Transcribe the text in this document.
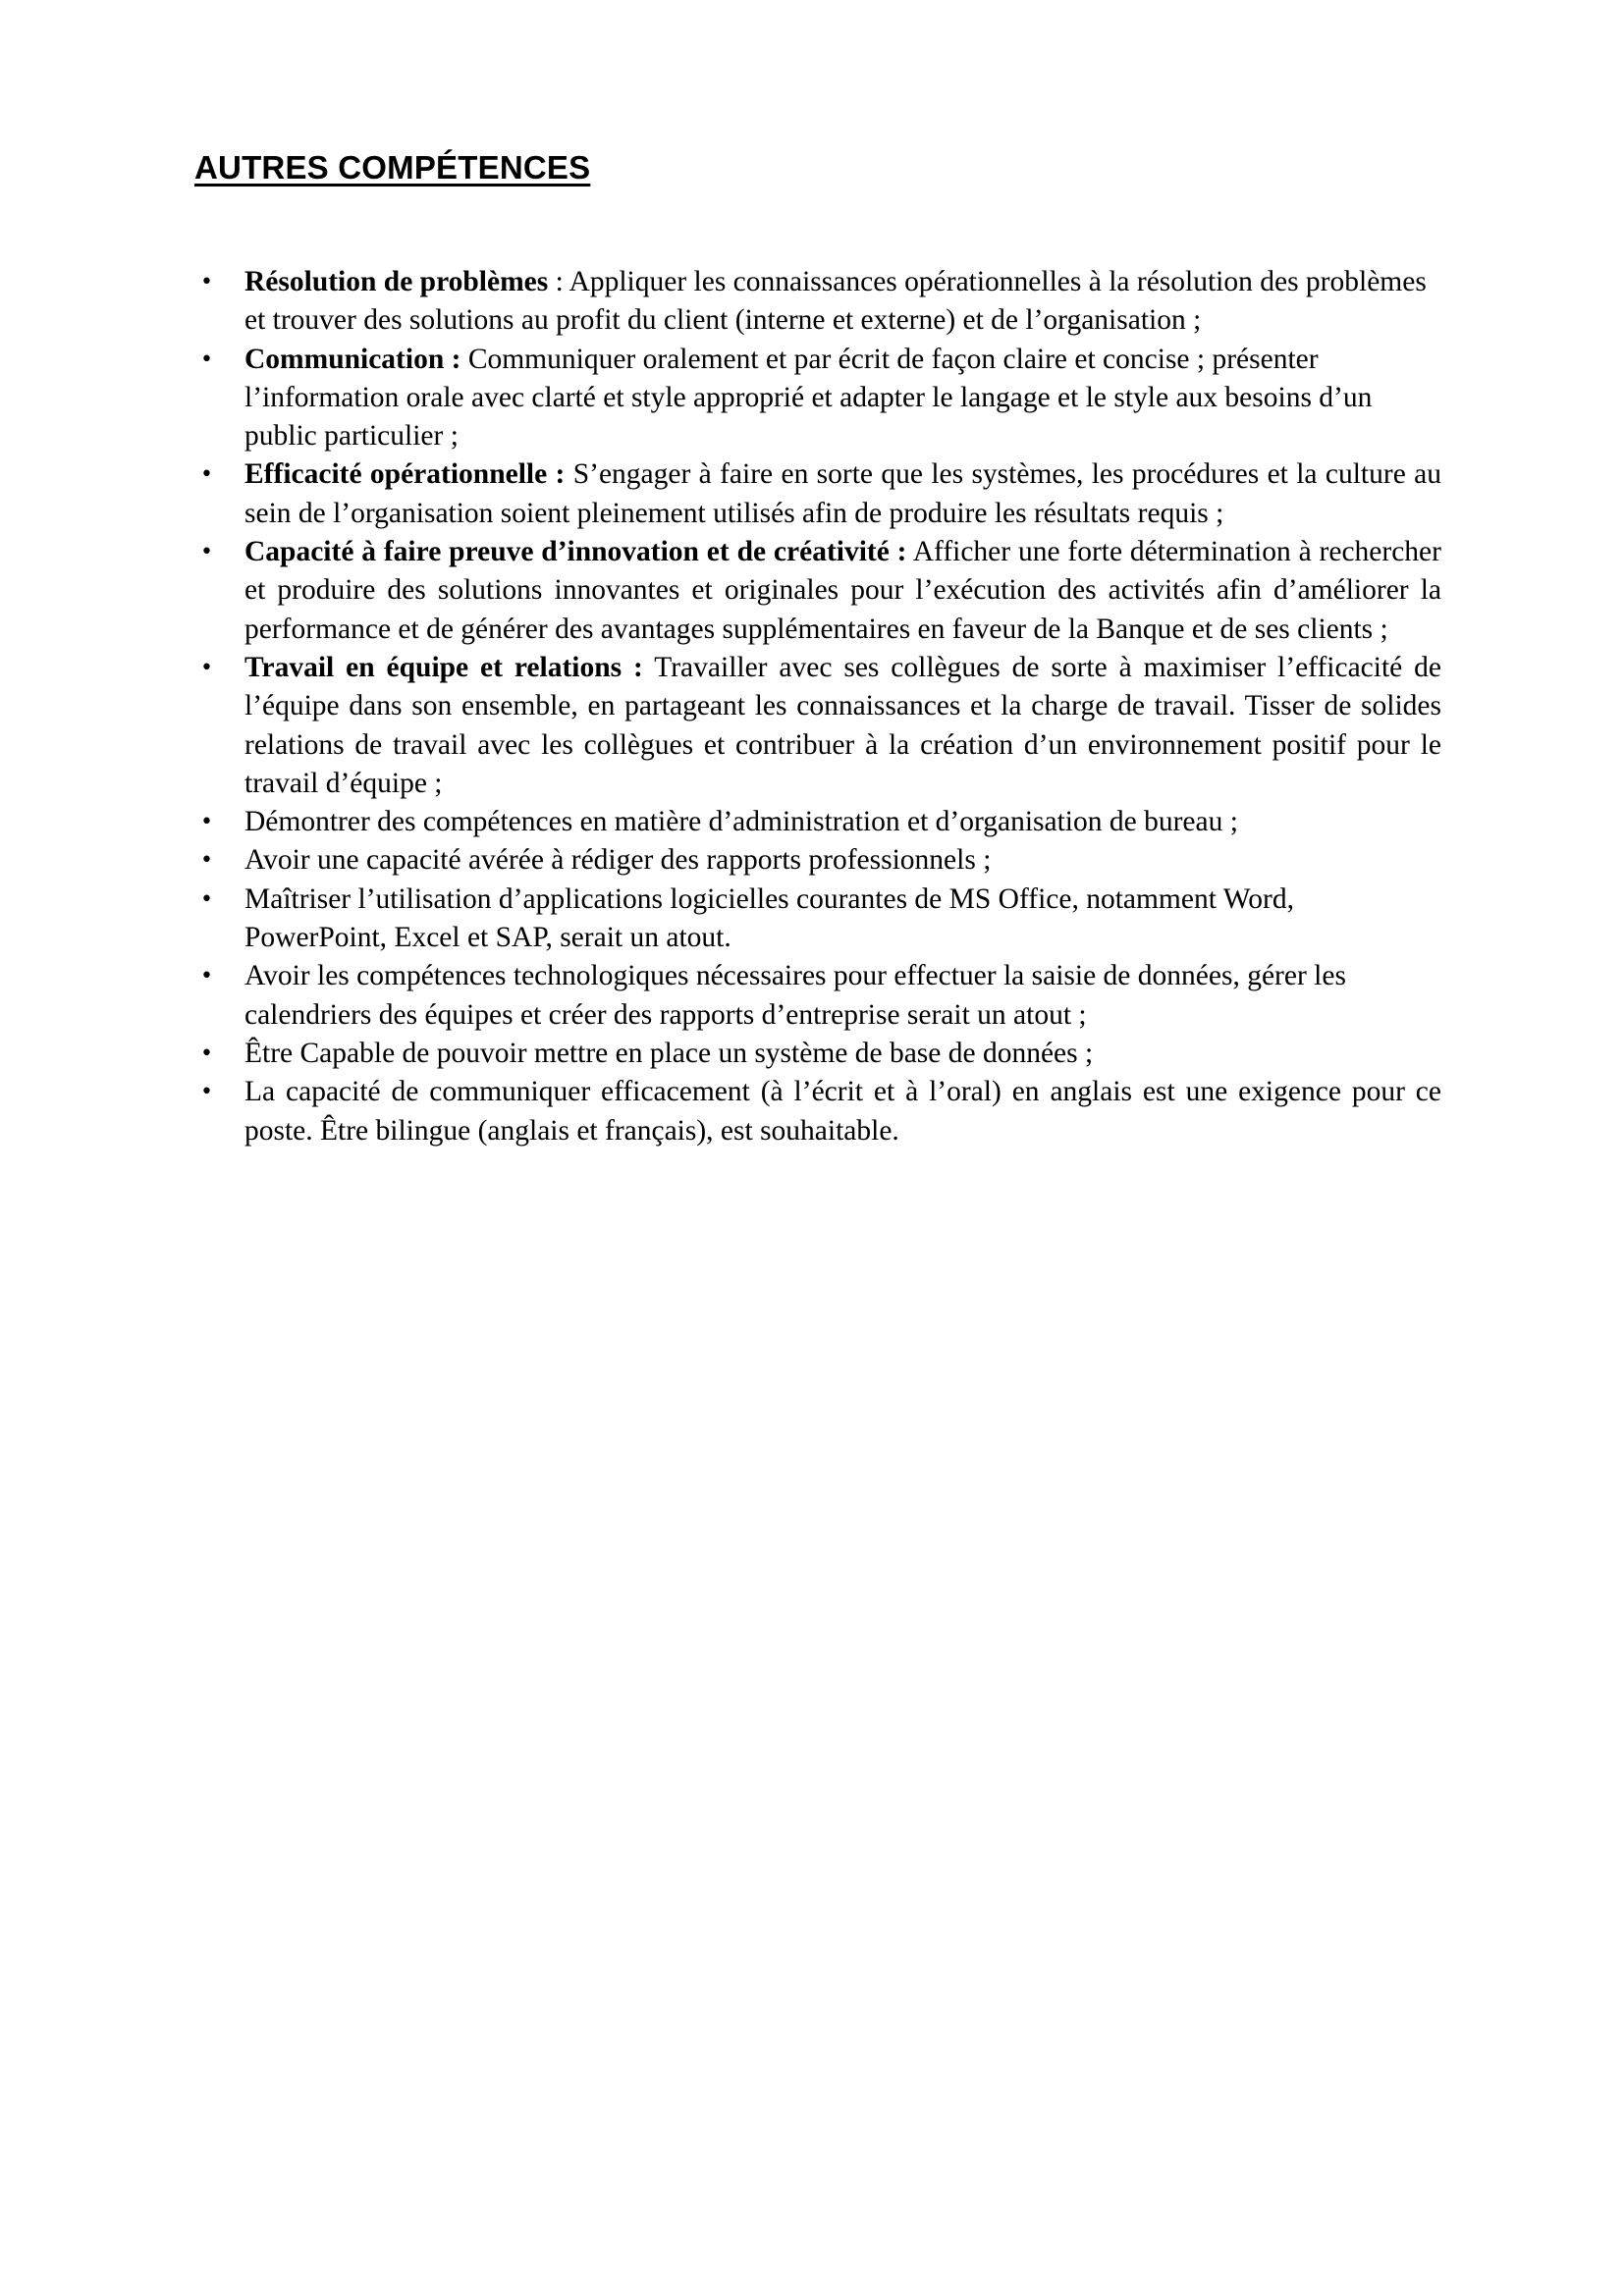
AUTRES COMPÉTENCES
• Résolution de problèmes : Appliquer les connaissances opérationnelles à la résolution des problèmes et trouver des solutions au profit du client (interne et externe) et de l’organisation ;
• Communication : Communiquer oralement et par écrit de façon claire et concise ; présenter l’information orale avec clarté et style approprié et adapter le langage et le style aux besoins d’un public particulier ;
• Efficacité opérationnelle : S’engager à faire en sorte que les systèmes, les procédures et la culture au sein de l’organisation soient pleinement utilisés afin de produire les résultats requis ;
• Capacité à faire preuve d’innovation et de créativité : Afficher une forte détermination à rechercher et produire des solutions innovantes et originales pour l’exécution des activités afin d’améliorer la performance et de générer des avantages supplémentaires en faveur de la Banque et de ses clients ;
• Travail en équipe et relations : Travailler avec ses collègues de sorte à maximiser l’efficacité de l’équipe dans son ensemble, en partageant les connaissances et la charge de travail. Tisser de solides relations de travail avec les collègues et contribuer à la création d’un environnement positif pour le travail d’équipe ;
• Démontrer des compétences en matière d’administration et d’organisation de bureau ;
• Avoir une capacité avérée à rédiger des rapports professionnels ;
• Maîtriser l’utilisation d’applications logicielles courantes de MS Office, notamment Word, PowerPoint, Excel et SAP, serait un atout.
• Avoir les compétences technologiques nécessaires pour effectuer la saisie de données, gérer les calendriers des équipes et créer des rapports d’entreprise serait un atout ;
• Être Capable de pouvoir mettre en place un système de base de données ;
• La capacité de communiquer efficacement (à l’écrit et à l’oral) en anglais est une exigence pour ce poste. Être bilingue (anglais et français), est souhaitable.
